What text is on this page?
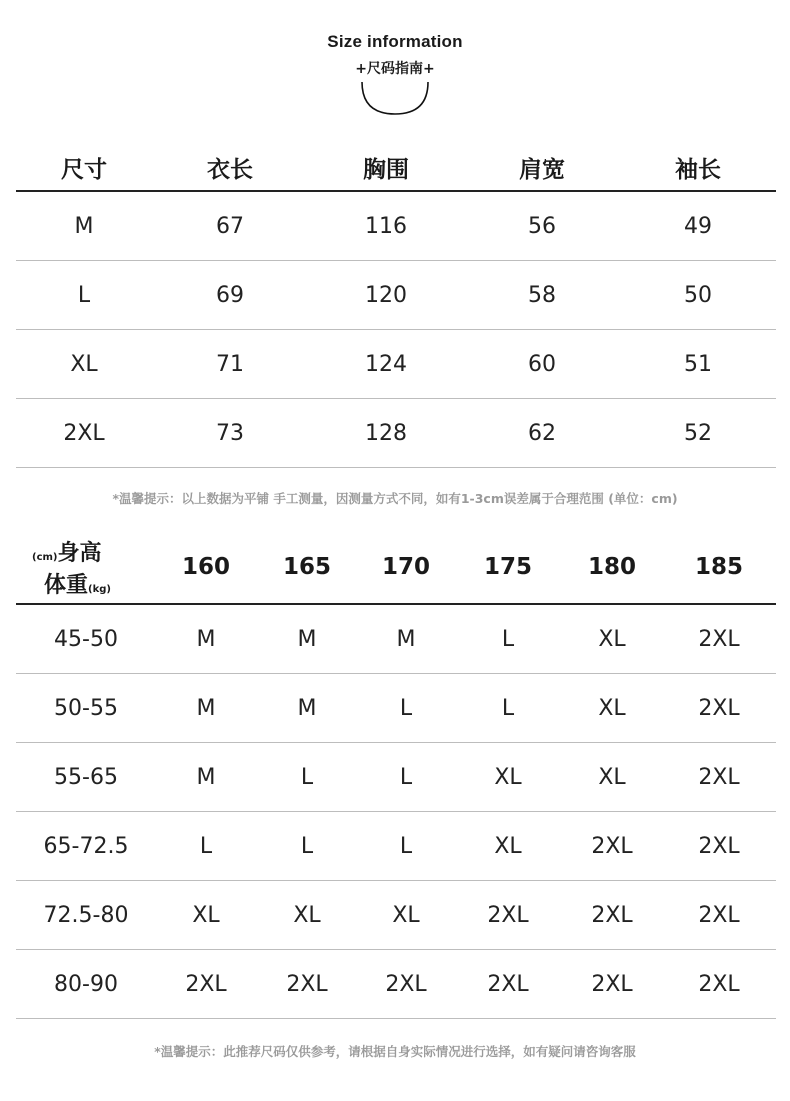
Size information
+尺码指南+
尺寸	衣长	胸围	肩宽	袖长
M	67	116	56	49
L	69	120	58	50
XL	71	124	60	51
2XL	73	128	62	52
*温馨提示：以上数据为平铺 手工测量，因测量方式不同，如有1-3cm误差属于合理范围 (单位：cm)
(cm)身高
体重(kg)	160	165	170	175	180	185
45-50	M	M	M	L	XL	2XL
50-55	M	M	L	L	XL	2XL
55-65	M	L	L	XL	XL	2XL
65-72.5	L	L	L	XL	2XL	2XL
72.5-80	XL	XL	XL	2XL	2XL	2XL
80-90	2XL	2XL	2XL	2XL	2XL	2XL
*温馨提示：此推荐尺码仅供参考，请根据自身实际情况进行选择，如有疑问请咨询客服
